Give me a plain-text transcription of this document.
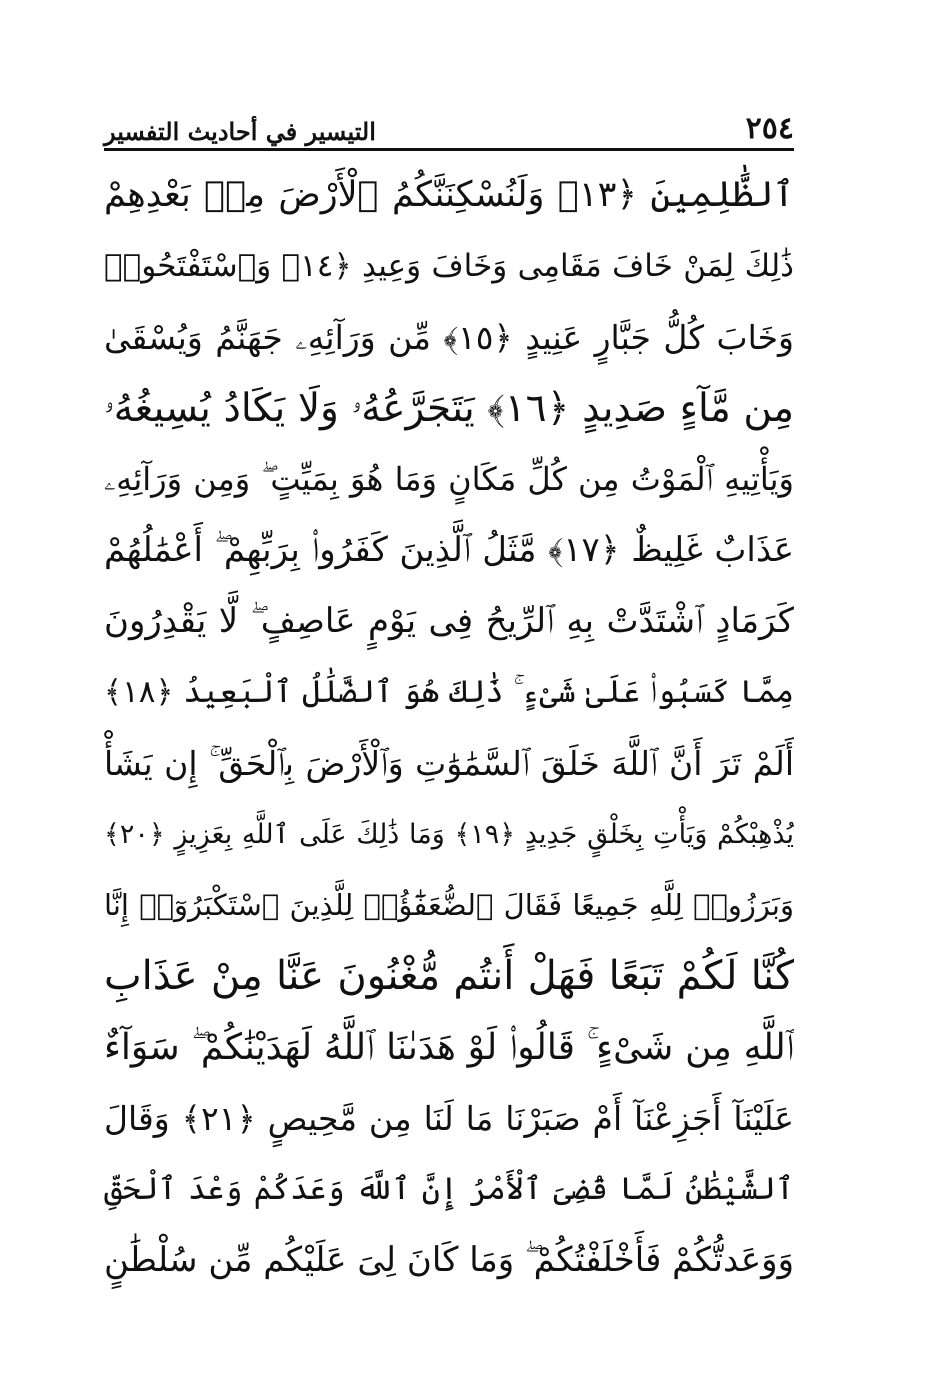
٢٥٤
التيسير في أحاديث التفسير
ٱلظَّٰلِمِينَ ﴿١٣﴾ وَلَنُسْكِنَنَّكُمُ ٱلْأَرْضَ مِنۢ بَعْدِهِمْ
ذَٰلِكَ لِمَنْ خَافَ مَقَامِى وَخَافَ وَعِيدِ ﴿١٤﴾ وَٱسْتَفْتَحُوا۟
وَخَابَ كُلُّ جَبَّارٍ عَنِيدٍ ﴿١٥﴾ مِّن وَرَآئِهِۦ جَهَنَّمُ وَيُسْقَىٰ
مِن مَّآءٍ صَدِيدٍ ﴿١٦﴾ يَتَجَرَّعُهُۥ وَلَا يَكَادُ يُسِيغُهُۥ
وَيَأْتِيهِ ٱلْمَوْتُ مِن كُلِّ مَكَانٍ وَمَا هُوَ بِمَيِّتٍ ۖ وَمِن وَرَآئِهِۦ
عَذَابٌ غَلِيظٌ ﴿١٧﴾ مَّثَلُ ٱلَّذِينَ كَفَرُوا۟ بِرَبِّهِمْ ۖ أَعْمَٰلُهُمْ
كَرَمَادٍ ٱشْتَدَّتْ بِهِ ٱلرِّيحُ فِى يَوْمٍ عَاصِفٍ ۖ لَّا يَقْدِرُونَ
مِمَّا كَسَبُوا۟ عَلَىٰ شَىْءٍ ۚ ذَٰلِكَ هُوَ ٱلضَّلَٰلُ ٱلْبَعِيدُ ﴿١٨﴾
أَلَمْ تَرَ أَنَّ ٱللَّهَ خَلَقَ ٱلسَّمَٰوَٰتِ وَٱلْأَرْضَ بِٱلْحَقِّ ۚ إِن يَشَأْ
يُذْهِبْكُمْ وَيَأْتِ بِخَلْقٍ جَدِيدٍ ﴿١٩﴾ وَمَا ذَٰلِكَ عَلَى ٱللَّهِ بِعَزِيزٍ ﴿٢٠﴾
وَبَرَزُوا۟ لِلَّهِ جَمِيعًا فَقَالَ ٱلضُّعَفَٰٓؤُا۟ لِلَّذِينَ ٱسْتَكْبَرُوٓا۟ إِنَّا
كُنَّا لَكُمْ تَبَعًا فَهَلْ أَنتُم مُّغْنُونَ عَنَّا مِنْ عَذَابِ
ٱللَّهِ مِن شَىْءٍ ۚ قَالُوا۟ لَوْ هَدَىٰنَا ٱللَّهُ لَهَدَيْنَٰكُمْ ۖ سَوَآءٌ
عَلَيْنَآ أَجَزِعْنَآ أَمْ صَبَرْنَا مَا لَنَا مِن مَّحِيصٍ ﴿٢١﴾ وَقَالَ
ٱلشَّيْطَٰنُ لَمَّا قُضِىَ ٱلْأَمْرُ إِنَّ ٱللَّهَ وَعَدَكُمْ وَعْدَ ٱلْحَقِّ
وَوَعَدتُّكُمْ فَأَخْلَفْتُكُمْ ۖ وَمَا كَانَ لِىَ عَلَيْكُم مِّن سُلْطَٰنٍ
